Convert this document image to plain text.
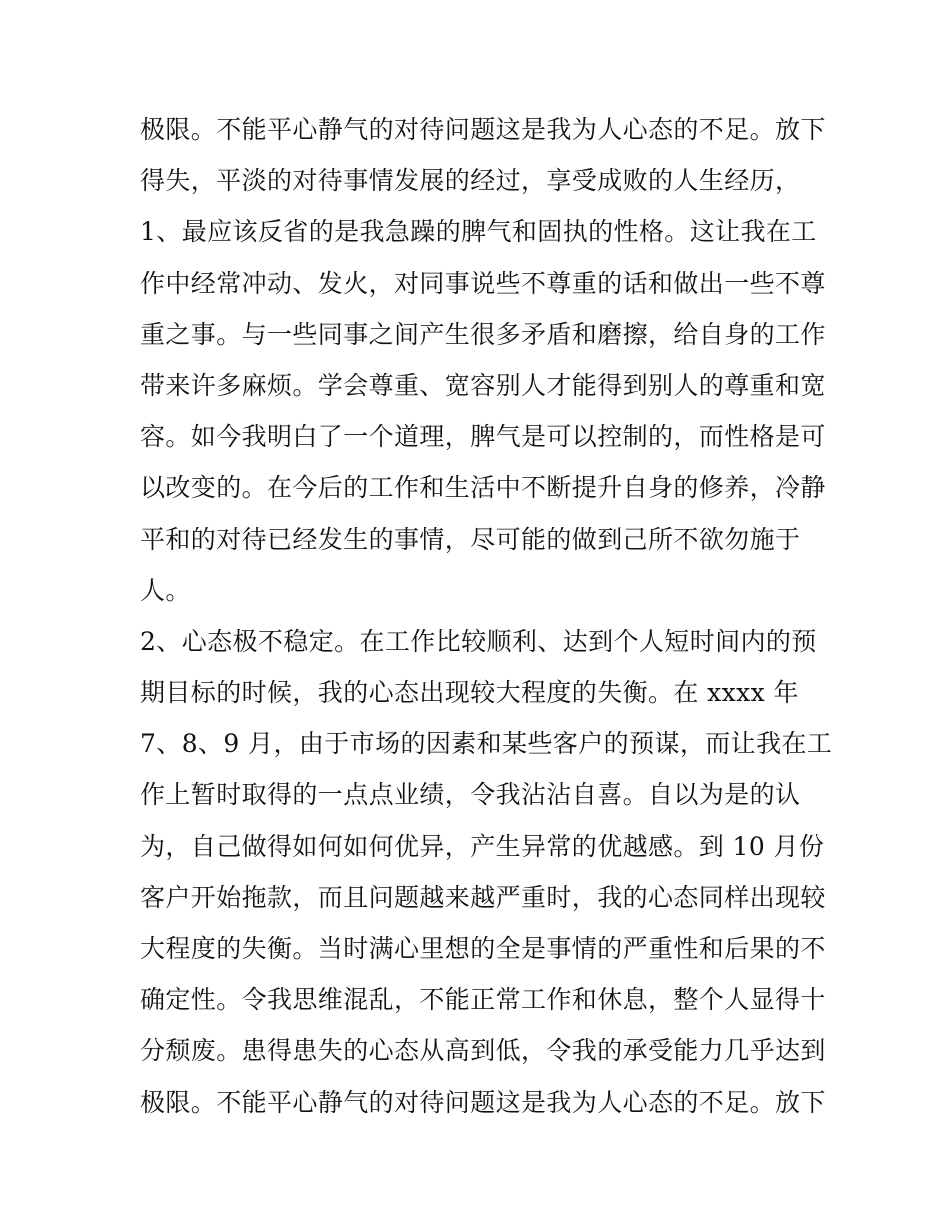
极限。不能平心静气的对待问题这是我为人心态的不足。放下
得失，平淡的对待事情发展的经过，享受成败的人生经历，
1、最应该反省的是我急躁的脾气和固执的性格。这让我在工
作中经常冲动、发火，对同事说些不尊重的话和做出一些不尊
重之事。与一些同事之间产生很多矛盾和磨擦，给自身的工作
带来许多麻烦。学会尊重、宽容别人才能得到别人的尊重和宽
容。如今我明白了一个道理，脾气是可以控制的，而性格是可
以改变的。在今后的工作和生活中不断提升自身的修养，冷静
平和的对待已经发生的事情，尽可能的做到己所不欲勿施于
人。
2、心态极不稳定。在工作比较顺利、达到个人短时间内的预
期目标的时候，我的心态出现较大程度的失衡。在 xxxx 年
7、8、9 月，由于市场的因素和某些客户的预谋，而让我在工
作上暂时取得的一点点业绩，令我沾沾自喜。自以为是的认
为，自己做得如何如何优异，产生异常的优越感。到 10 月份
客户开始拖款，而且问题越来越严重时，我的心态同样出现较
大程度的失衡。当时满心里想的全是事情的严重性和后果的不
确定性。令我思维混乱，不能正常工作和休息，整个人显得十
分颓废。患得患失的心态从高到低，令我的承受能力几乎达到
极限。不能平心静气的对待问题这是我为人心态的不足。放下
